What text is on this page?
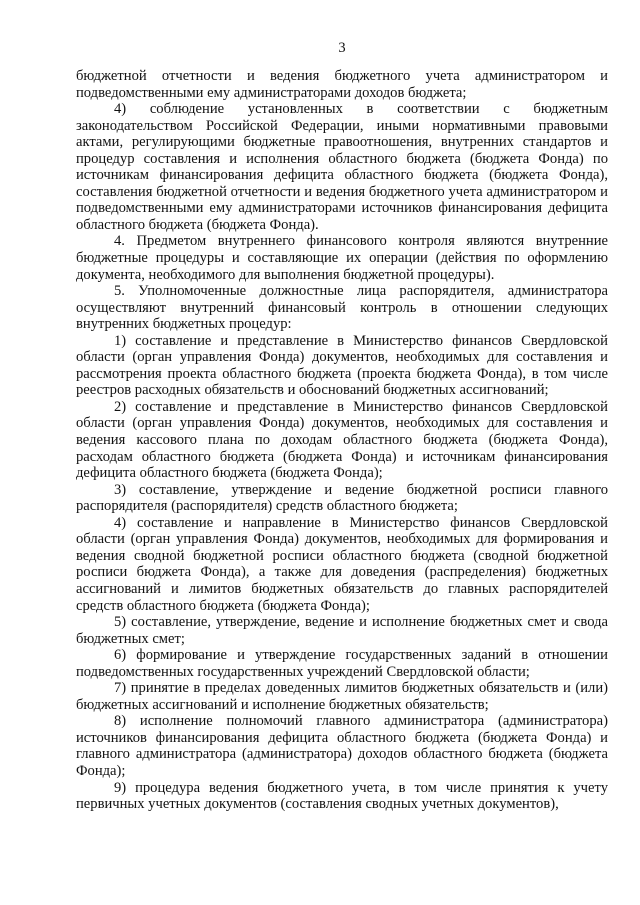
3

бюджетной отчетности и ведения бюджетного учета администратором и подведомственными ему администраторами доходов бюджета;

4) соблюдение установленных в соответствии с бюджетным законодательством Российской Федерации, иными нормативными правовыми актами, регулирующими бюджетные правоотношения, внутренних стандартов и процедур составления и исполнения областного бюджета (бюджета Фонда) по источникам финансирования дефицита областного бюджета (бюджета Фонда), составления бюджетной отчетности и ведения бюджетного учета администратором и подведомственными ему администраторами источников финансирования дефицита областного бюджета (бюджета Фонда).

4. Предметом внутреннего финансового контроля являются внутренние бюджетные процедуры и составляющие их операции (действия по оформлению документа, необходимого для выполнения бюджетной процедуры).

5. Уполномоченные должностные лица распорядителя, администратора осуществляют внутренний финансовый контроль в отношении следующих внутренних бюджетных процедур:

1) составление и представление в Министерство финансов Свердловской области (орган управления Фонда) документов, необходимых для составления и рассмотрения проекта областного бюджета (проекта бюджета Фонда), в том числе реестров расходных обязательств и обоснований бюджетных ассигнований;

2) составление и представление в Министерство финансов Свердловской области (орган управления Фонда) документов, необходимых для составления и ведения кассового плана по доходам областного бюджета (бюджета Фонда), расходам областного бюджета (бюджета Фонда) и источникам финансирования дефицита областного бюджета (бюджета Фонда);

3) составление, утверждение и ведение бюджетной росписи главного распорядителя (распорядителя) средств областного бюджета;

4) составление и направление в Министерство финансов Свердловской области (орган управления Фонда) документов, необходимых для формирования и ведения сводной бюджетной росписи областного бюджета (сводной бюджетной росписи бюджета Фонда), а также для доведения (распределения) бюджетных ассигнований и лимитов бюджетных обязательств до главных распорядителей средств областного бюджета (бюджета Фонда);

5) составление, утверждение, ведение и исполнение бюджетных смет и свода бюджетных смет;

6) формирование и утверждение государственных заданий в отношении подведомственных государственных учреждений Свердловской области;

7) принятие в пределах доведенных лимитов бюджетных обязательств и (или) бюджетных ассигнований и исполнение бюджетных обязательств;

8) исполнение полномочий главного администратора (администратора) источников финансирования дефицита областного бюджета (бюджета Фонда) и главного администратора (администратора) доходов областного бюджета (бюджета Фонда);

9) процедура ведения бюджетного учета, в том числе принятия к учету первичных учетных документов (составления сводных учетных документов),
